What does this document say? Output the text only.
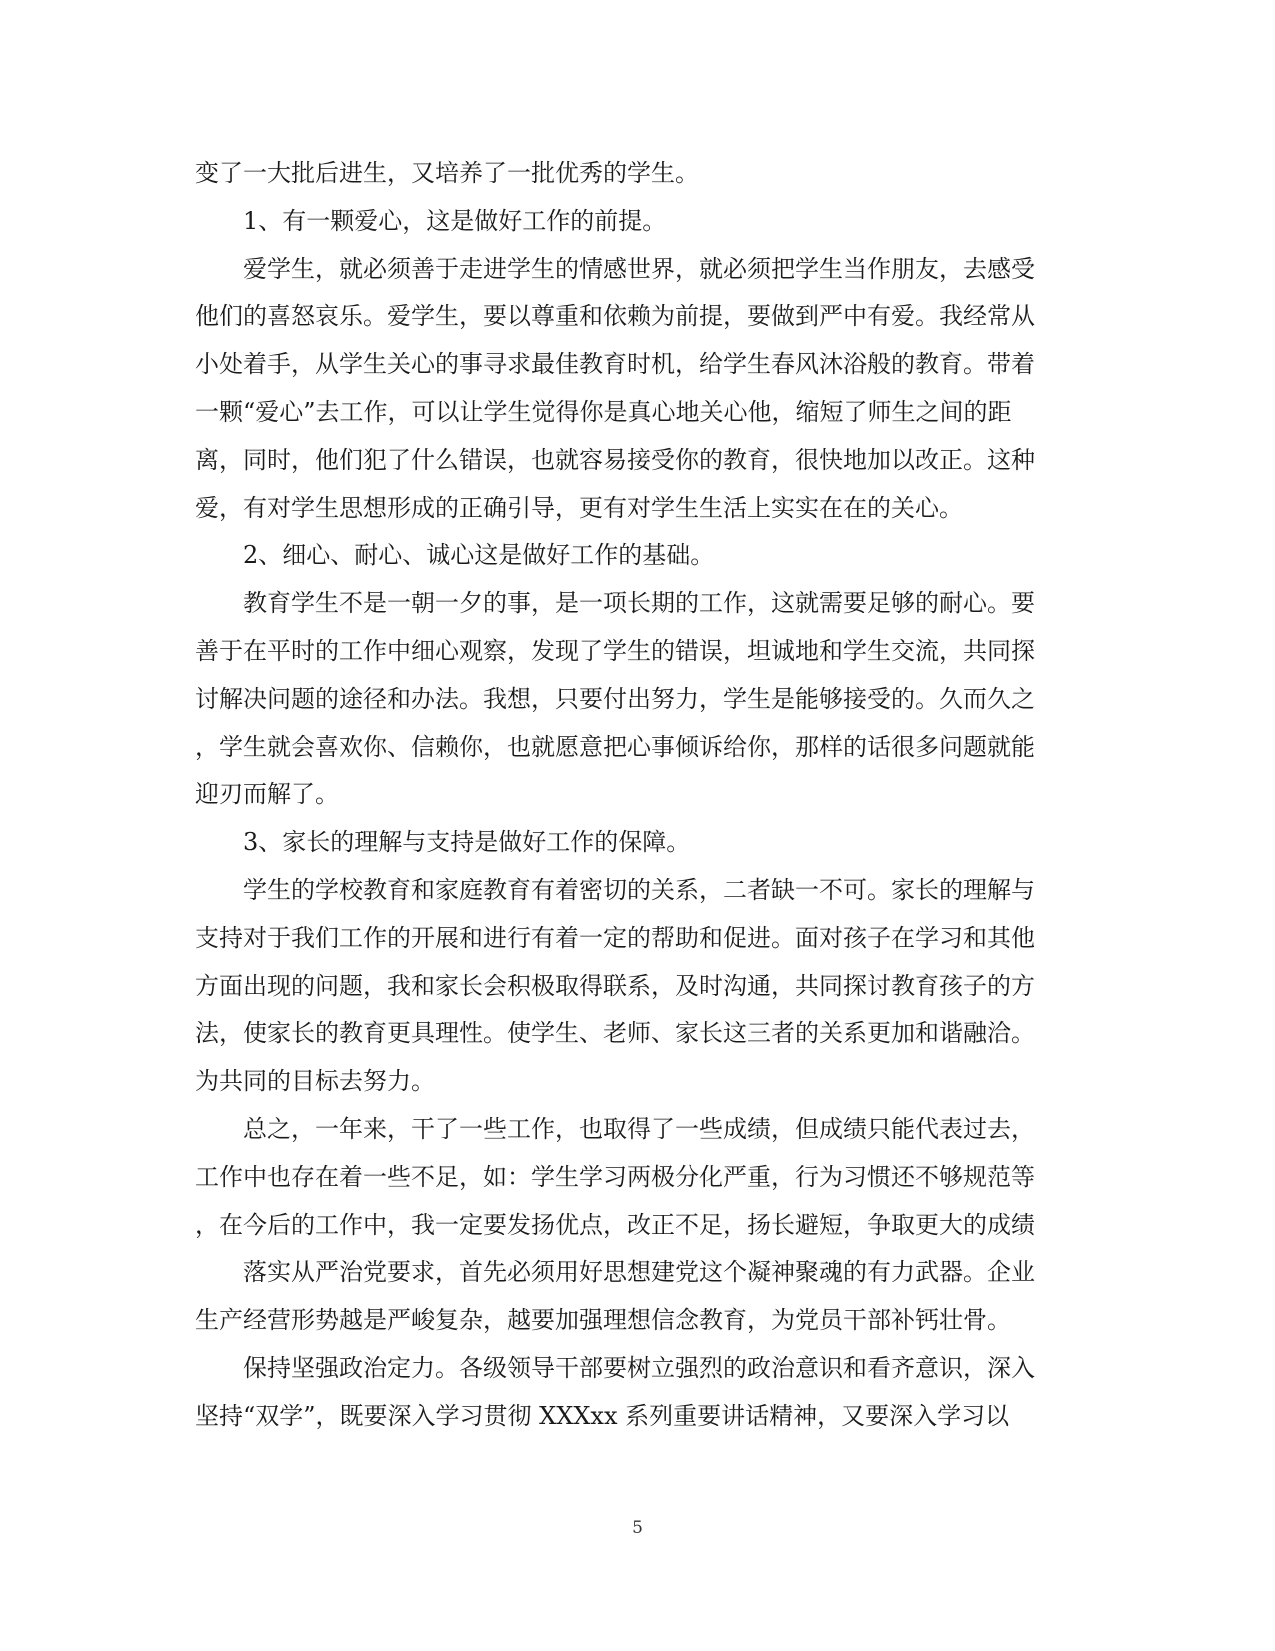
变了一大批后进生，又培养了一批优秀的学生。
1、有一颗爱心，这是做好工作的前提。
爱学生，就必须善于走进学生的情感世界，就必须把学生当作朋友，去感受
他们的喜怒哀乐。爱学生，要以尊重和依赖为前提，要做到严中有爱。我经常从
小处着手，从学生关心的事寻求最佳教育时机，给学生春风沐浴般的教育。带着
一颗“爱心”去工作，可以让学生觉得你是真心地关心他，缩短了师生之间的距
离，同时，他们犯了什么错误，也就容易接受你的教育，很快地加以改正。这种
爱，有对学生思想形成的正确引导，更有对学生生活上实实在在的关心。
2、细心、耐心、诚心这是做好工作的基础。
教育学生不是一朝一夕的事，是一项长期的工作，这就需要足够的耐心。要
善于在平时的工作中细心观察，发现了学生的错误，坦诚地和学生交流，共同探
讨解决问题的途径和办法。我想，只要付出努力，学生是能够接受的。久而久之
，学生就会喜欢你、信赖你，也就愿意把心事倾诉给你，那样的话很多问题就能
迎刃而解了。
3、家长的理解与支持是做好工作的保障。
学生的学校教育和家庭教育有着密切的关系，二者缺一不可。家长的理解与
支持对于我们工作的开展和进行有着一定的帮助和促进。面对孩子在学习和其他
方面出现的问题，我和家长会积极取得联系，及时沟通，共同探讨教育孩子的方
法，使家长的教育更具理性。使学生、老师、家长这三者的关系更加和谐融洽。
为共同的目标去努力。
总之，一年来，干了一些工作，也取得了一些成绩，但成绩只能代表过去，
工作中也存在着一些不足，如：学生学习两极分化严重，行为习惯还不够规范等
，在今后的工作中，我一定要发扬优点，改正不足，扬长避短，争取更大的成绩
落实从严治党要求，首先必须用好思想建党这个凝神聚魂的有力武器。企业
生产经营形势越是严峻复杂，越要加强理想信念教育，为党员干部补钙壮骨。
保持坚强政治定力。各级领导干部要树立强烈的政治意识和看齐意识，深入
坚持“双学”，既要深入学习贯彻 XXXxx 系列重要讲话精神，又要深入学习以
5
